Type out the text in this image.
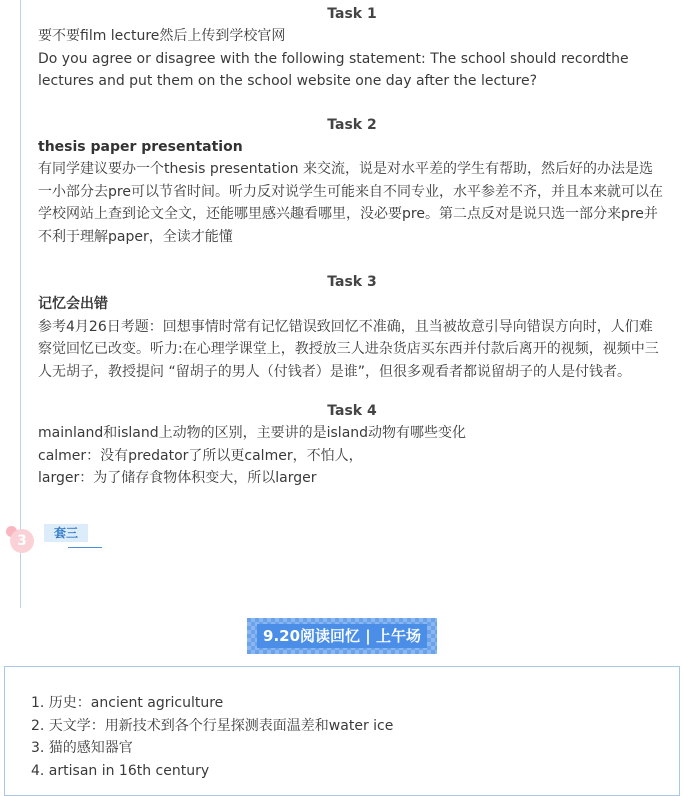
Task 1

要不要film lecture然后上传到学校官网

Do you agree or disagree with the following statement: The school should recordthe lectures and put them on the school website one day after the lecture?

Task 2

thesis paper presentation

有同学建议要办一个thesis presentation 来交流，说是对水平差的学生有帮助，然后好的办法是选一小部分去pre可以节省时间。听力反对说学生可能来自不同专业，水平参差不齐，并且本来就可以在学校网站上查到论文全文，还能哪里感兴趣看哪里，没必要pre。第二点反对是说只选一部分来pre并不利于理解paper，全读才能懂

Task 3

记忆会出错

参考4月26日考题：回想事情时常有记忆错误致回忆不准确，且当被故意引导向错误方向时，人们难察觉回忆已改变。听力:在心理学课堂上，教授放三人进杂货店买东西并付款后离开的视频，视频中三人无胡子，教授提问 “留胡子的男人（付钱者）是谁”，但很多观看者都说留胡子的人是付钱者。

Task 4

mainland和island上动物的区别，主要讲的是island动物有哪些变化

calmer：没有predator了所以更calmer，不怕人，

larger：为了储存食物体积变大，所以larger

3	套三
9.20阅读回忆 | 上午场
1. 历史：ancient agriculture
2. 天文学：用新技术到各个行星探测表面温差和water ice
3. 猫的感知器官
4. artisan in 16th century
